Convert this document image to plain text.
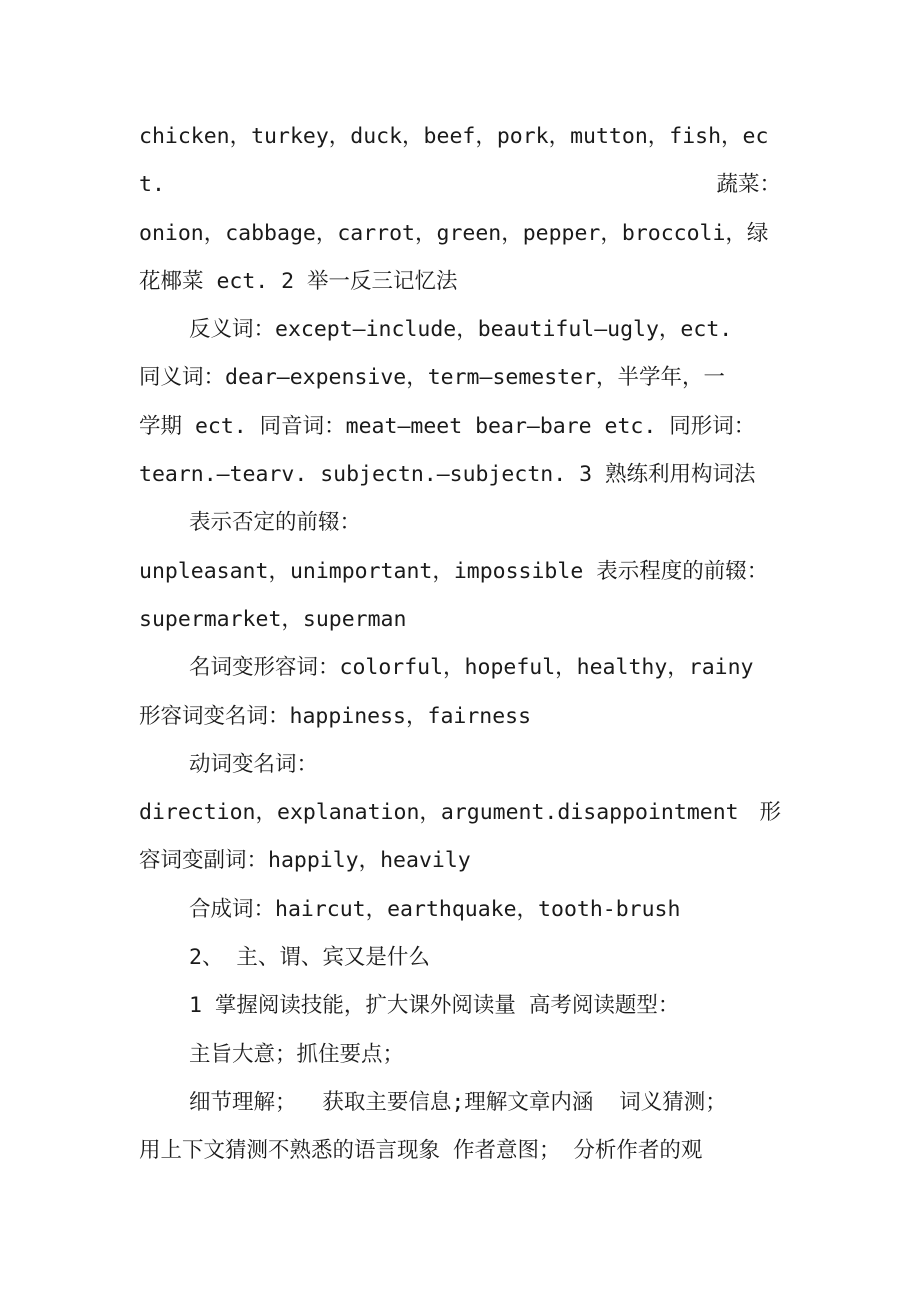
chicken，turkey，duck，beef，pork，mutton，fish，ec
t.	蔬菜：
onion，cabbage，carrot，green，pepper，broccoli，绿
花椰菜 ect. 2 举一反三记忆法
反义词：except—include，beautiful—ugly，ect.
同义词：dear—expensive，term—semester，半学年，一
学期 ect. 同音词：meat—meet bear—bare etc. 同形词：
tearn.—tearv. subjectn.—subjectn. 3 熟练利用构词法
表示否定的前辍：
unpleasant，unimportant，impossible 表示程度的前辍：
supermarket，superman
名词变形容词：colorful，hopeful，healthy，rainy
形容词变名词：happiness，fairness
动词变名词：
direction，explanation，argument.disappointment 形
容词变副词：happily，heavily
合成词：haircut，earthquake，tooth-brush
2、 主、谓、宾又是什么
1 掌握阅读技能，扩大课外阅读量 高考阅读题型：
主旨大意；抓住要点；
细节理解；  获取主要信息;理解文章内涵  词义猜测；
用上下文猜测不熟悉的语言现象 作者意图； 分析作者的观
